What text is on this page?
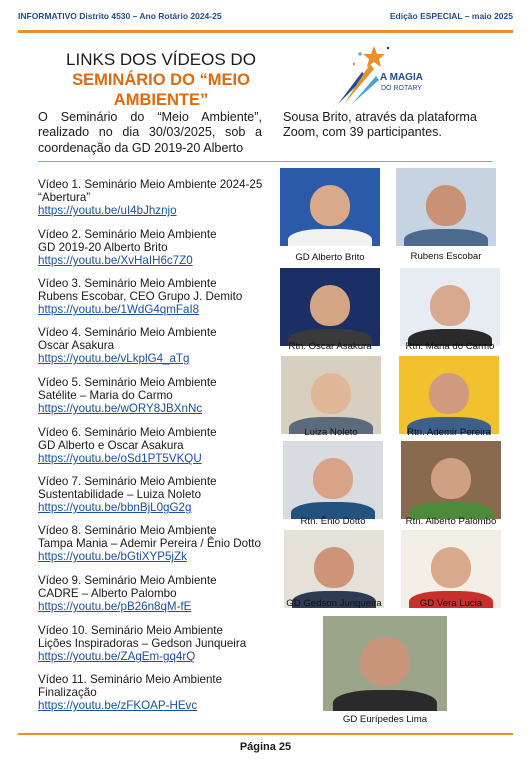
INFORMATIVO Distrito 4530 – Ano Rotário 2024-25	Edição ESPECIAL – maio 2025
LINKS DOS VÍDEOS DO
SEMINÁRIO DO “MEIO
AMBIENTE”
A MAGIA
DO ROTARY
O Seminário do “Meio Ambiente”, realizado no dia 30/03/2025, sob a coordenação da GD 2019-20 Alberto
Sousa Brito, através da plataforma Zoom, com 39 participantes.
Vídeo 1. Seminário Meio Ambiente 2024-25
“Abertura”
https://youtu.be/uI4bJhznjo
Vídeo 2. Seminário Meio Ambiente
GD 2019-20 Alberto Brito
https://youtu.be/XvHaIH6c7Z0
Vídeo 3. Seminário Meio Ambiente
Rubens Escobar, CEO Grupo J. Demito
https://youtu.be/1WdG4qmFaI8
Vídeo 4. Seminário Meio Ambiente
Oscar Asakura
https://youtu.be/vLkplG4_aTg
Vídeo 5. Seminário Meio Ambiente
Satélite – Maria do Carmo
https://youtu.be/wORY8JBXnNc
Vídeo 6. Seminário Meio Ambiente
GD Alberto e Oscar Asakura
https://youtu.be/oSd1PT5VKQU
Vídeo 7. Seminário Meio Ambiente
Sustentabilidade – Luiza Noleto
https://youtu.be/bbnBjL0gG2g
Vídeo 8. Seminário Meio Ambiente
Tampa Mania – Ademir Pereira / Ênio Dotto
https://youtu.be/bGtiXYP5jZk
Vídeo 9. Seminário Meio Ambiente
CADRE – Alberto Palombo
https://youtu.be/pB26n8qM-fE
Vídeo 10. Seminário Meio Ambiente
Lições Inspiradoras – Gedson Junqueira
https://youtu.be/ZAgEm-gq4rQ
Vídeo 11. Seminário Meio Ambiente
Finalização
https://youtu.be/zFKOAP-HEvc
GD Alberto Brito	Rubens Escobar
Rtn. Oscar Asakura	Rtn. Maria do Carmo
Luiza Noleto	Rtn. Ademir Pereira
Rtn. Ênio Dotto	Rtn. Alberto Palombo
GD Gedson Junqueira	GD Vera Lucia
GD Eurípedes Lima
Página 25
